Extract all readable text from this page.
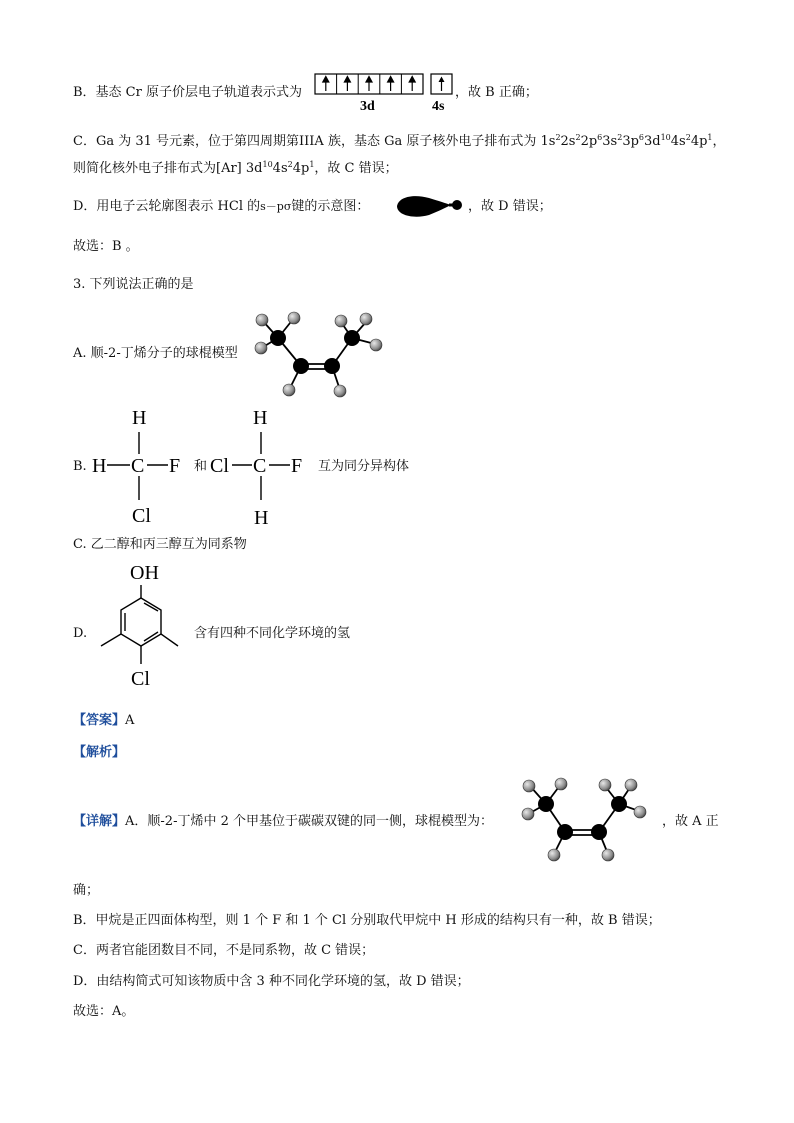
B．基态 Cr 原子价层电子轨道表示式为
3d	4s
，故 B 正确；
C．Ga 为 31 号元素，位于第四周期第IIIA 族，基态 Ga 原子核外电子排布式为 $1s^22s^22p^63s^23p^63d^{10}4s^24p^1$，
则简化核外电子排布式为[Ar] $3d^{10}4s^24p^1$，故 C 错误；
D．用电子云轮廓图表示 HCl 的s－pσ键的示意图：	，故 D 错误；
故选：B 。
3. 下列说法正确的是
A. 顺-2-丁烯分子的球棍模型
B.
H
H C F
Cl
和
H
Cl C F
H
互为同分异构体
C. 乙二醇和丙三醇互为同系物
D.
OH
Cl
含有四种不同化学环境的氢
【答案】A
【解析】
【详解】A．顺-2-丁烯中 2 个甲基位于碳碳双键的同一侧，球棍模型为：	，故 A 正
确；
B．甲烷是正四面体构型，则 1 个 F 和 1 个 Cl 分别取代甲烷中 H 形成的结构只有一种，故 B 错误；
C．两者官能团数目不同，不是同系物，故 C 错误；
D．由结构简式可知该物质中含 3 种不同化学环境的氢，故 D 错误；
故选：A。
